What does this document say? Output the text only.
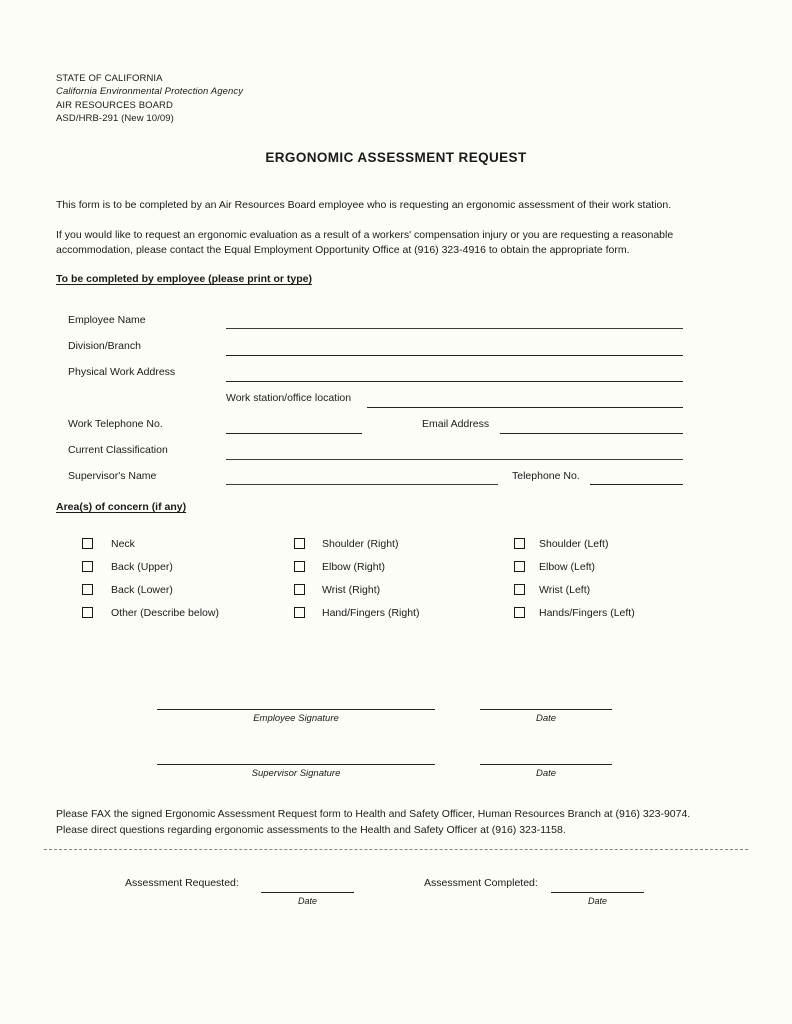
STATE OF CALIFORNIA
California Environmental Protection Agency
AIR RESOURCES BOARD
ASD/HRB-291 (New 10/09)
ERGONOMIC ASSESSMENT REQUEST
This form is to be completed by an Air Resources Board employee who is requesting an ergonomic assessment of their work station.
If you would like to request an ergonomic evaluation as a result of a workers' compensation injury or you are requesting a reasonable accommodation, please contact the Equal Employment Opportunity Office at (916) 323-4916 to obtain the appropriate form.
To be completed by employee (please print or type)
Employee Name
Division/Branch
Physical Work Address
Work station/office location
Work Telephone No.	Email Address
Current Classification
Supervisor's Name	Telephone No.
Area(s) of concern (if any)
Neck
Back (Upper)
Back (Lower)
Other (Describe below)
Shoulder (Right)
Elbow (Right)
Wrist (Right)
Hand/Fingers (Right)
Shoulder (Left)
Elbow (Left)
Wrist (Left)
Hands/Fingers (Left)
Employee Signature	Date
Supervisor Signature	Date
Please FAX the signed Ergonomic Assessment Request form to Health and Safety Officer, Human Resources Branch at (916) 323-9074.
Please direct questions regarding ergonomic assessments to the Health and Safety Officer at (916) 323-1158.
Assessment Requested:
Date
Assessment Completed:
Date
